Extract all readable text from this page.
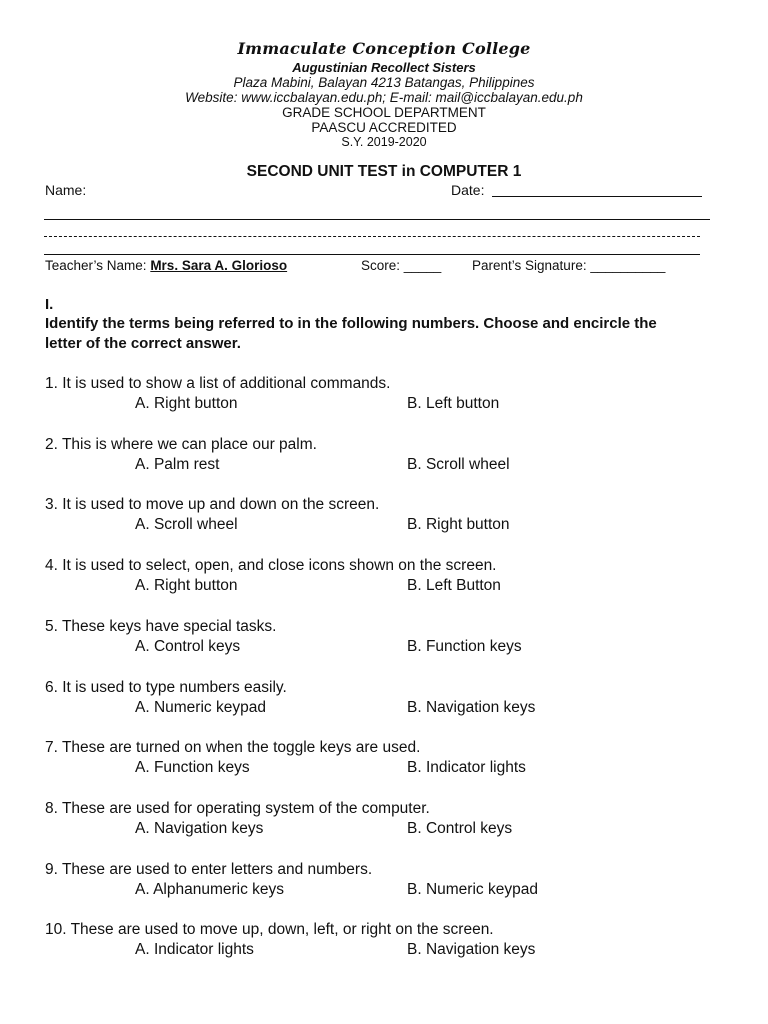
Immaculate Conception College
Augustinian Recollect Sisters
Plaza Mabini, Balayan 4213 Batangas, Philippines
Website: www.iccbalayan.edu.ph; E-mail: mail@iccbalayan.edu.ph
GRADE SCHOOL DEPARTMENT
PAASCU ACCREDITED
S.Y. 2019-2020
SECOND UNIT TEST in COMPUTER 1
Name:	Date:
Teacher’s Name: Mrs. Sara A. Glorioso	Score: _____ Parent’s Signature: __________
I.
Identify the terms being referred to in the following numbers. Choose and encircle the letter of the correct answer.
1. It is used to show a list of additional commands.
A. Right button	B. Left button
2. This is where we can place our palm.
A. Palm rest	B. Scroll wheel
3. It is used to move up and down on the screen.
A. Scroll wheel	B. Right button
4. It is used to select, open, and close icons shown on the screen.
A. Right button	B. Left Button
5. These keys have special tasks.
A. Control keys	B. Function keys
6. It is used to type numbers easily.
A. Numeric keypad	B. Navigation keys
7. These are turned on when the toggle keys are used.
A. Function keys	B. Indicator lights
8. These are used for operating system of the computer.
A. Navigation keys	B. Control keys
9. These are used to enter letters and numbers.
A. Alphanumeric keys	B. Numeric keypad
10. These are used to move up, down, left, or right on the screen.
A. Indicator lights	B. Navigation keys
